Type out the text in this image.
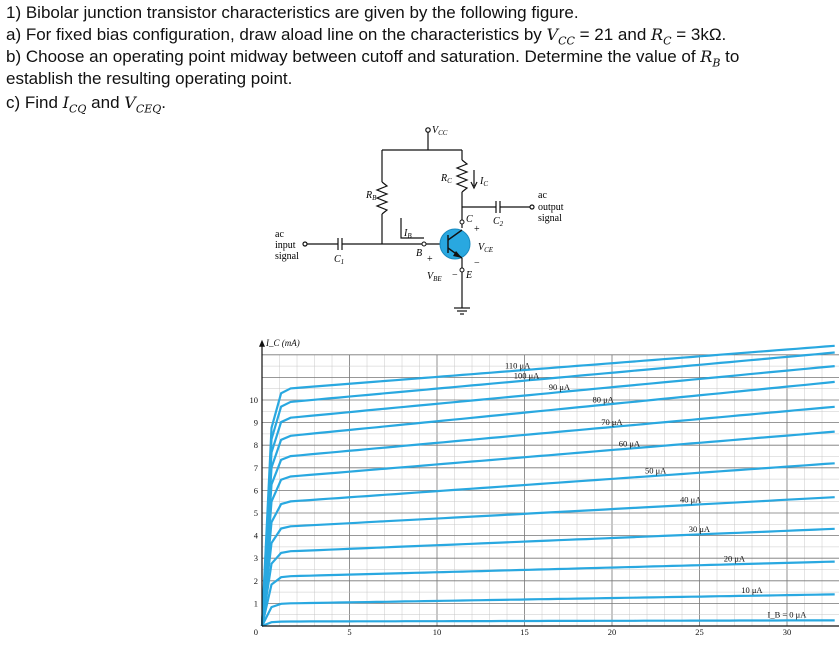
1) Bibolar junction transistor characteristics are given by the following figure.
a) For fixed bias configuration, draw aload line on the characteristics by $V_{CC} = 21$ and $R_C = 3k\Omega$.
b) Choose an operating point midway between cutoff and saturation. Determine the value of $R_B$ to
establish the resulting operating point.
c) Find $I_{CQ}$ and $V_{CEQ}$.
$V_{CC}$
$R_C$	$I_C$
$R_B$
$I_B$
C
B
E
+
+
−
−
$V_{CE}$
$V_{BE}$
$C_1$
$C_2$
ac
input
signal
ac
output
signal
I_B = 0 μA
10 μA
20 μA
30 μA
40 μA
50 μA
60 μA
70 μA
80 μA
90 μA
100 μA
110 μA
1
2
3
4
5
6
7
8
9
10
0	5	10	15	20	25	30
I_C (mA)
